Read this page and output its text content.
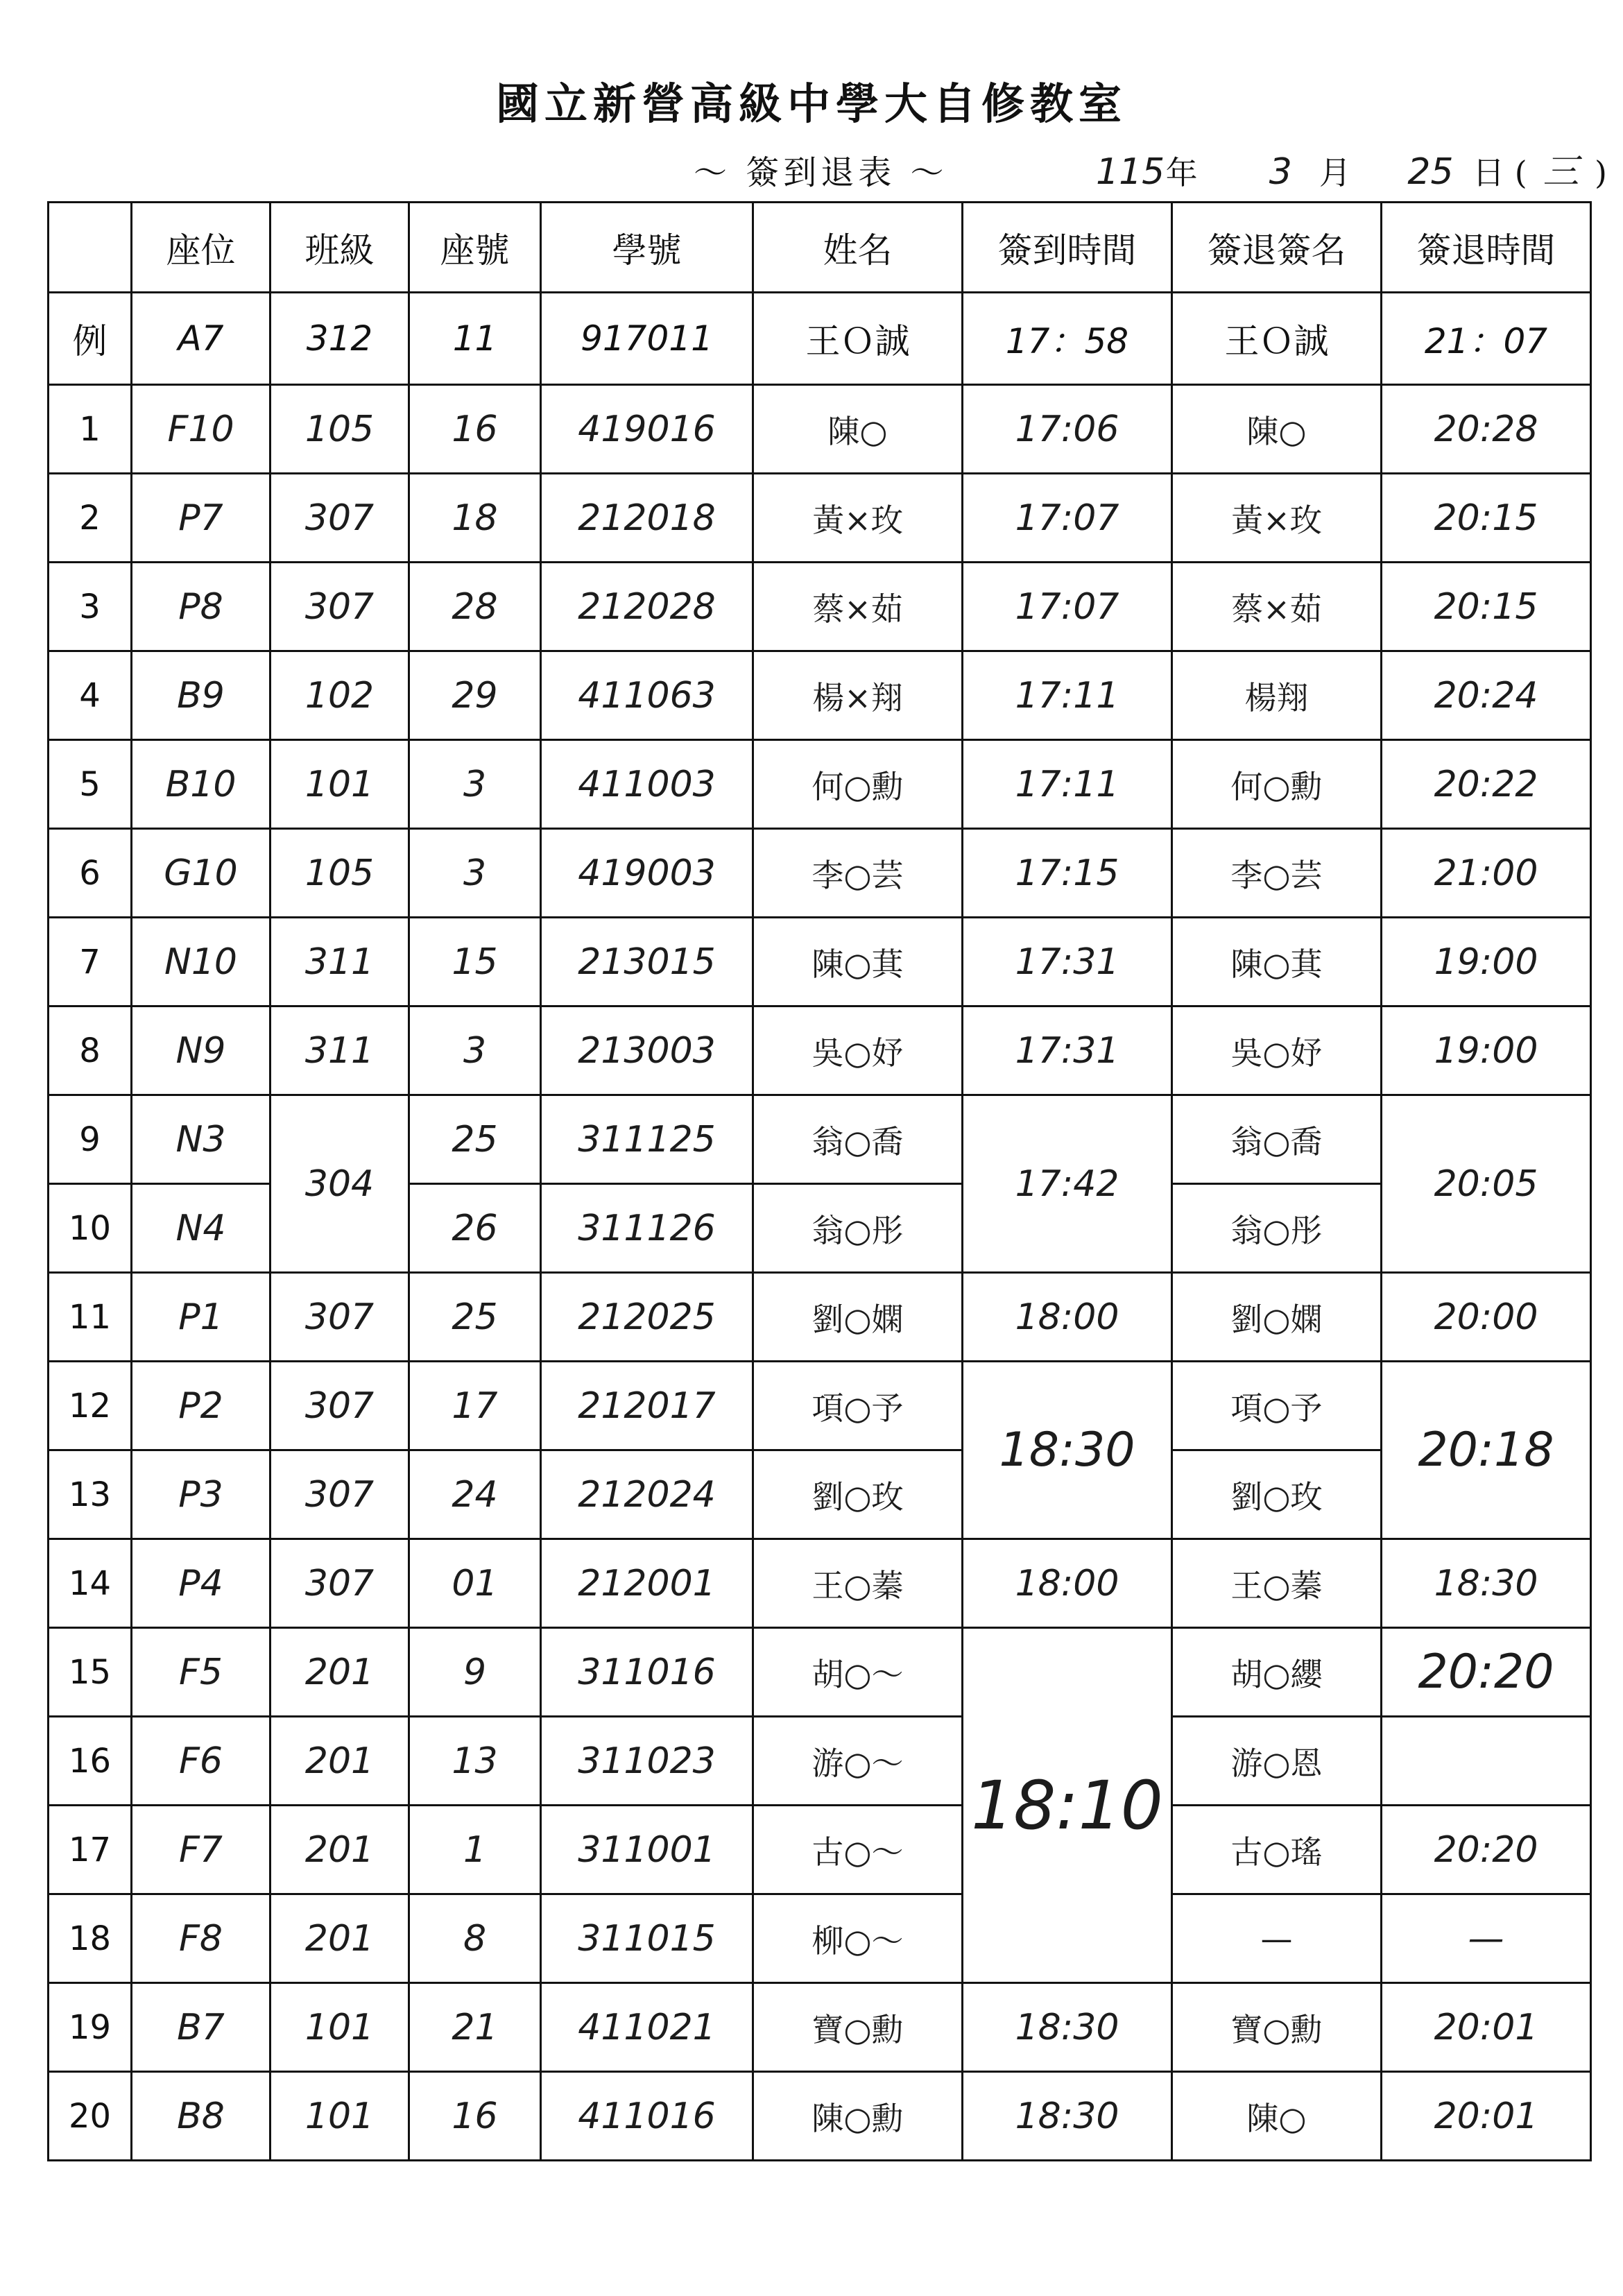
國立新營高級中學大自修教室
～ 簽到退表 ～	115 年 3 月 25 日 ( 三 )
	座位	班級	座號	學號	姓名	簽到時間	簽退簽名	簽退時間
例	A7	312	11	917011	王Ｏ誠	17：58	王Ｏ誠	21：07
1	F10	105	16	419016	陳○	17:06	陳○	20:28
2	P7	307	18	212018	黃×玫	17:07	黃×玫	20:15
3	P8	307	28	212028	蔡×茹	17:07	蔡×茹	20:15
4	B9	102	29	411063	楊×翔	17:11	楊翔	20:24
5	B10	101	3	411003	何○勳	17:11	何○勳	20:22
6	G10	105	3	419003	李○芸	17:15	李○芸	21:00
7	N10	311	15	213015	陳○萁	17:31	陳○萁	19:00
8	N9	311	3	213003	吳○妤	17:31	吳○妤	19:00
9	N3	304	25	311125	翁○喬	17:42	翁○喬	20:05
10	N4		26	311126	翁○彤		翁○彤	
11	P1	307	25	212025	劉○嫻	18:00	劉○嫻	20:00
12	P2	307	17	212017	項○予	18:30	項○予	20:18
13	P3	307	24	212024	劉○玫		劉○玫	
14	P4	307	01	212001	王○蓁	18:00	王○蓁	18:30
15	F5	201	9	311016	胡○～	18:10	胡○纓	20:20
16	F6	201	13	311023	游○～		游○恩	
17	F7	201	1	311001	古○～		古○瑤	20:20
18	F8	201	8	311015	柳○～		—	—
19	B7	101	21	411021	寶○勳	18:30	寶○勳	20:01
20	B8	101	16	411016	陳○勳	18:30	陳○	20:01
